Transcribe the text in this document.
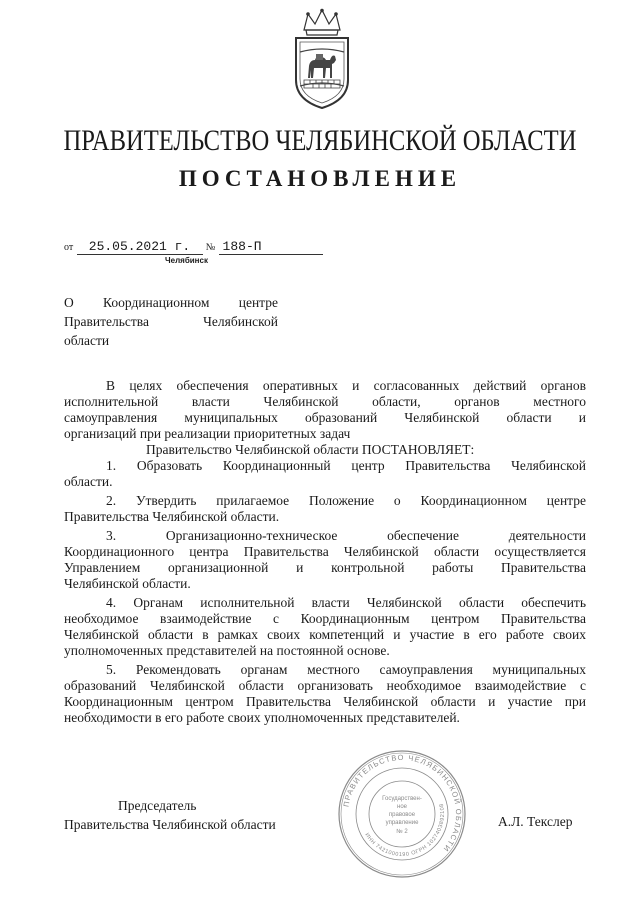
ПРАВИТЕЛЬСТВО ЧЕЛЯБИНСКОЙ ОБЛАСТИ
ПОСТАНОВЛЕНИЕ
от 25.05.2021 г. № 188-П
Челябинск
О Координационном центре
Правительства Челябинской
области
В целях обеспечения оперативных и согласованных действий органов
исполнительной власти Челябинской области, органов местного
самоуправления муниципальных образований Челябинской области и
организаций при реализации приоритетных задач
Правительство Челябинской области ПОСТАНОВЛЯЕТ:
1. Образовать Координационный центр Правительства Челябинской
области.
2. Утвердить прилагаемое Положение о Координационном центре
Правительства Челябинской области.
3. Организационно-техническое обеспечение деятельности
Координационного центра Правительства Челябинской области осуществляется
Управлением организационной и контрольной работы Правительства
Челябинской области.
4. Органам исполнительной власти Челябинской области обеспечить
необходимое взаимодействие с Координационным центром Правительства
Челябинской области в рамках своих компетенций и участие в его работе своих
уполномоченных представителей на постоянной основе.
5. Рекомендовать органам местного самоуправления муниципальных
образований Челябинской области организовать необходимое взаимодействие с
Координационным центром Правительства Челябинской области и участие при
необходимости в его работе своих уполномоченных представителей.
ПРАВИТЕЛЬСТВО ЧЕЛЯБИНСКОЙ ОБЛАСТИ
ИНН 7421000190 ОГРН 1027403892108
Государствен-
ное
правовое
управление
№ 2
Председатель
Правительства Челябинской области	А.Л. Текслер
